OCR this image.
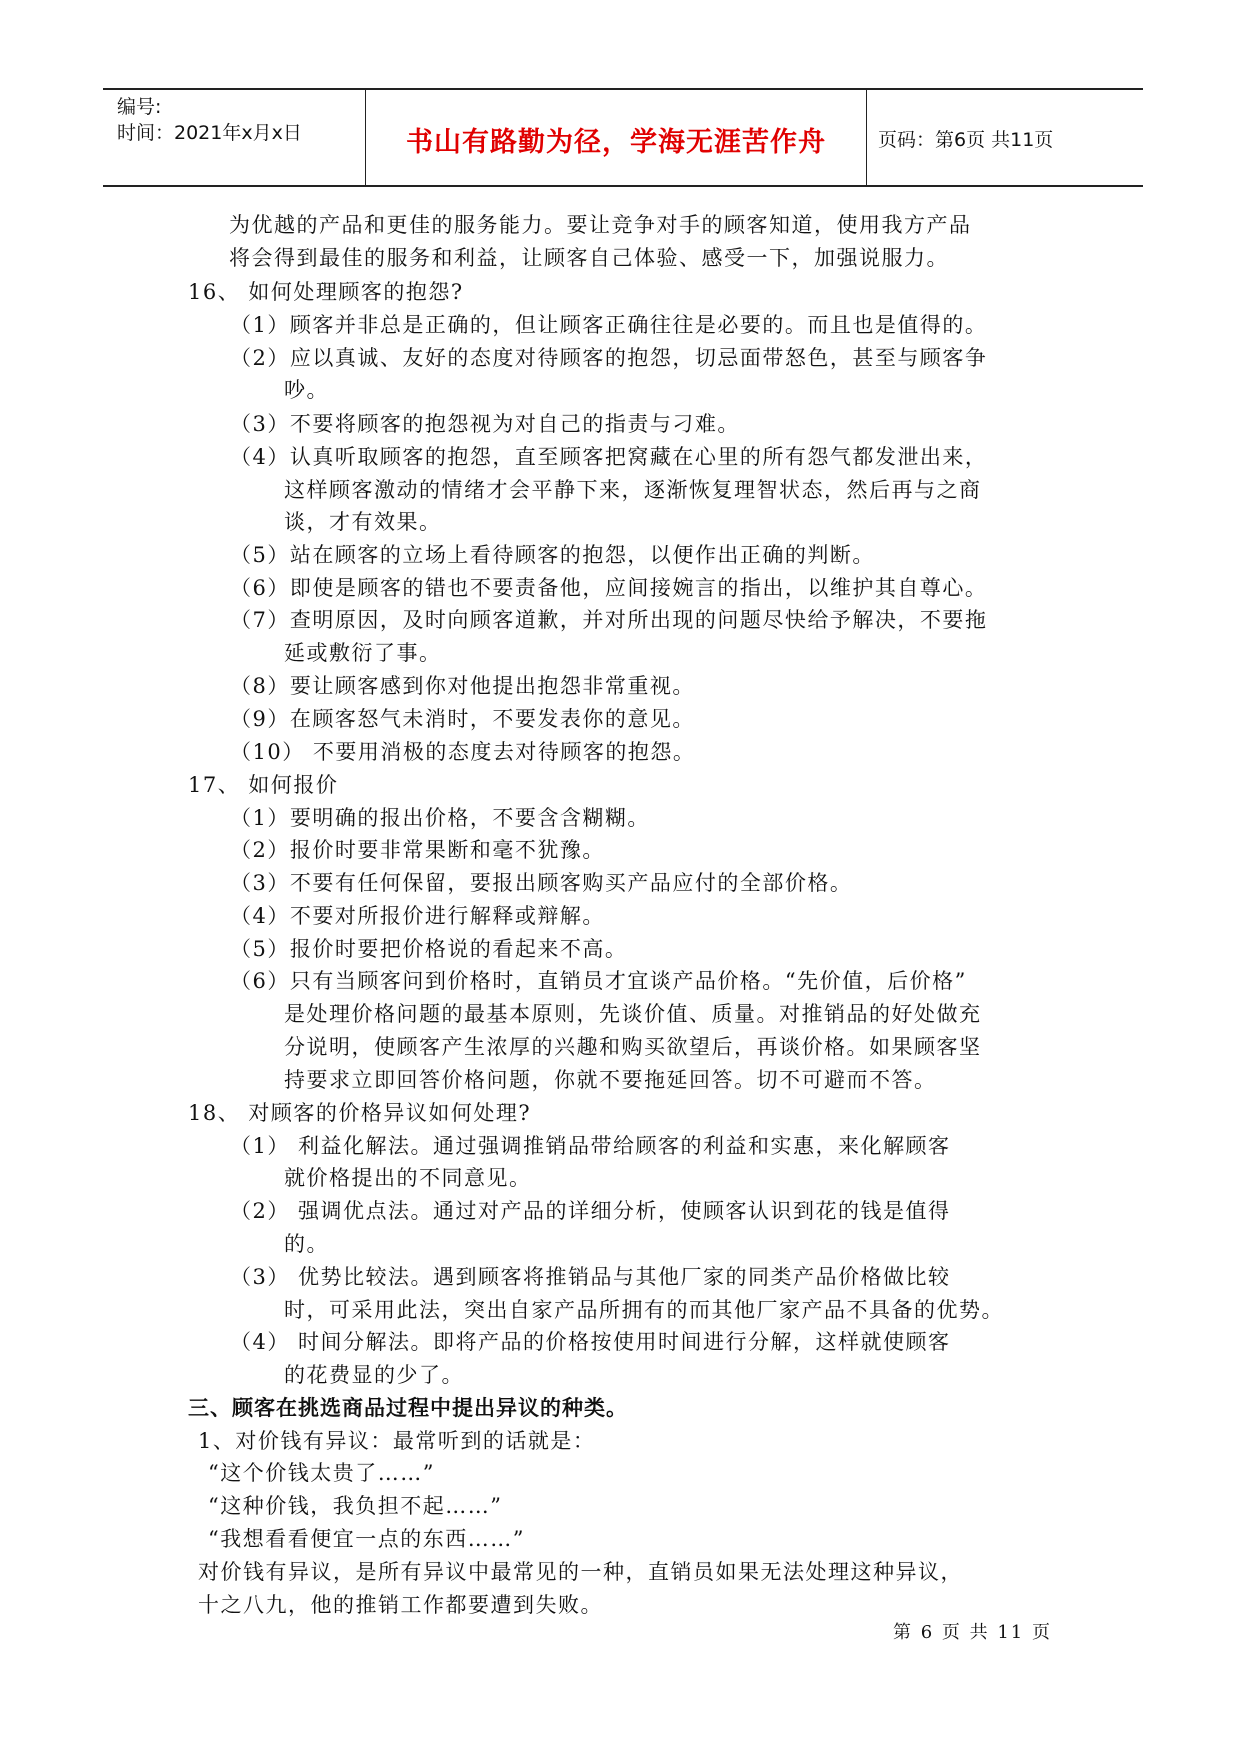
编号:
时间：2021年x月x日	书山有路勤为径，学海无涯苦作舟	页码：第6页 共11页
为优越的产品和更佳的服务能力。要让竞争对手的顾客知道，使用我方产品
将会得到最佳的服务和利益，让顾客自己体验、感受一下，加强说服力。
16、 如何处理顾客的抱怨?
（1）顾客并非总是正确的，但让顾客正确往往是必要的。而且也是值得的。
（2）应以真诚、友好的态度对待顾客的抱怨，切忌面带怒色，甚至与顾客争
吵。
（3）不要将顾客的抱怨视为对自己的指责与刁难。
（4）认真听取顾客的抱怨，直至顾客把窝藏在心里的所有怨气都发泄出来，
这样顾客激动的情绪才会平静下来，逐渐恢复理智状态，然后再与之商
谈，才有效果。
（5）站在顾客的立场上看待顾客的抱怨，以便作出正确的判断。
（6）即使是顾客的错也不要责备他，应间接婉言的指出，以维护其自尊心。
（7）查明原因，及时向顾客道歉，并对所出现的问题尽快给予解决，不要拖
延或敷衍了事。
（8）要让顾客感到你对他提出抱怨非常重视。
（9）在顾客怒气未消时，不要发表你的意见。
（10） 不要用消极的态度去对待顾客的抱怨。
17、 如何报价
（1）要明确的报出价格，不要含含糊糊。
（2）报价时要非常果断和毫不犹豫。
（3）不要有任何保留，要报出顾客购买产品应付的全部价格。
（4）不要对所报价进行解释或辩解。
（5）报价时要把价格说的看起来不高。
（6）只有当顾客问到价格时，直销员才宜谈产品价格。“先价值，后价格”
是处理价格问题的最基本原则，先谈价值、质量。对推销品的好处做充
分说明，使顾客产生浓厚的兴趣和购买欲望后，再谈价格。如果顾客坚
持要求立即回答价格问题，你就不要拖延回答。切不可避而不答。
18、 对顾客的价格异议如何处理?
（1） 利益化解法。通过强调推销品带给顾客的利益和实惠，来化解顾客
就价格提出的不同意见。
（2） 强调优点法。通过对产品的详细分析，使顾客认识到花的钱是值得
的。
（3） 优势比较法。遇到顾客将推销品与其他厂家的同类产品价格做比较
时，可采用此法，突出自家产品所拥有的而其他厂家产品不具备的优势。
（4） 时间分解法。即将产品的价格按使用时间进行分解，这样就使顾客
的花费显的少了。
三、顾客在挑选商品过程中提出异议的种类。
1、对价钱有异议：最常听到的话就是：
“这个价钱太贵了……”
“这种价钱，我负担不起……”
“我想看看便宜一点的东西……”
对价钱有异议，是所有异议中最常见的一种，直销员如果无法处理这种异议，
十之八九，他的推销工作都要遭到失败。
第 6 页 共 11 页
